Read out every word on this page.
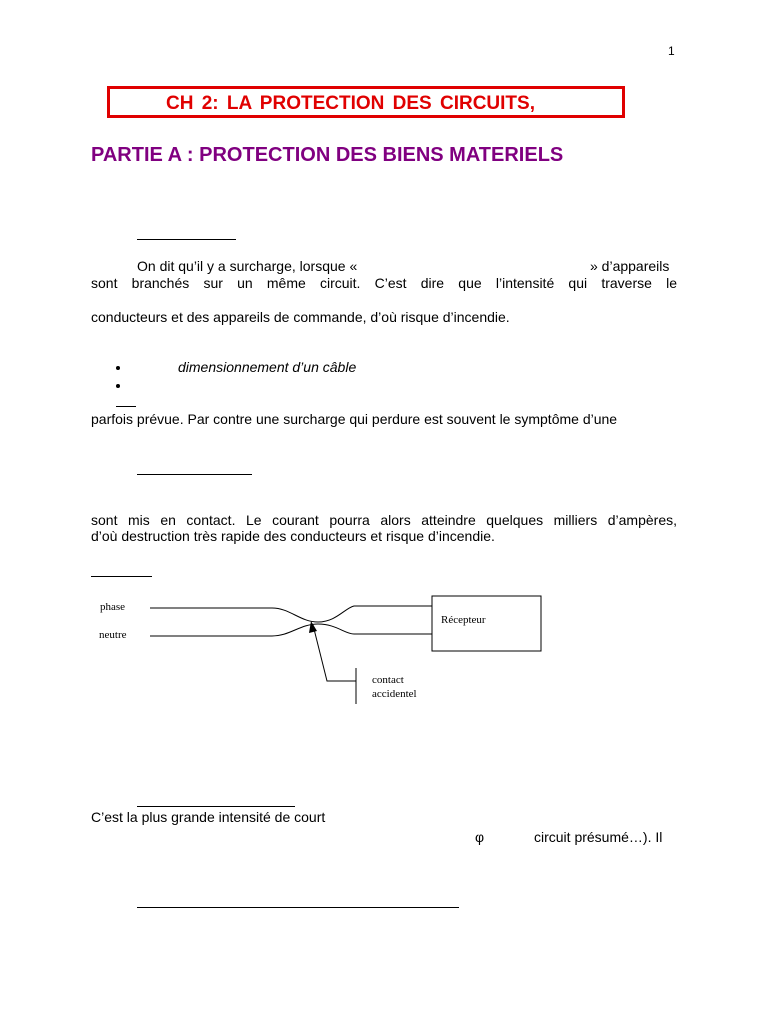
1
CH 2: LA PROTECTION DES CIRCUITS,
PARTIE A : PROTECTION DES BIENS MATERIELS
On dit qu’il y a surcharge, lorsque «	» d’appareils
sont branchés sur un même circuit. C’est dire que l’intensité qui traverse le
conducteurs et des appareils de commande, d’où risque d’incendie.
dimensionnement d’un câble
parfois prévue. Par contre une surcharge qui perdure est souvent le symptôme d’une
sont mis en contact. Le courant pourra alors atteindre quelques milliers d’ampères,
d’où destruction très rapide des conducteurs et risque d’incendie.
phase
neutre
Récepteur
contact
accidentel
C’est la plus grande intensité de court
φ	circuit présumé…). Il
